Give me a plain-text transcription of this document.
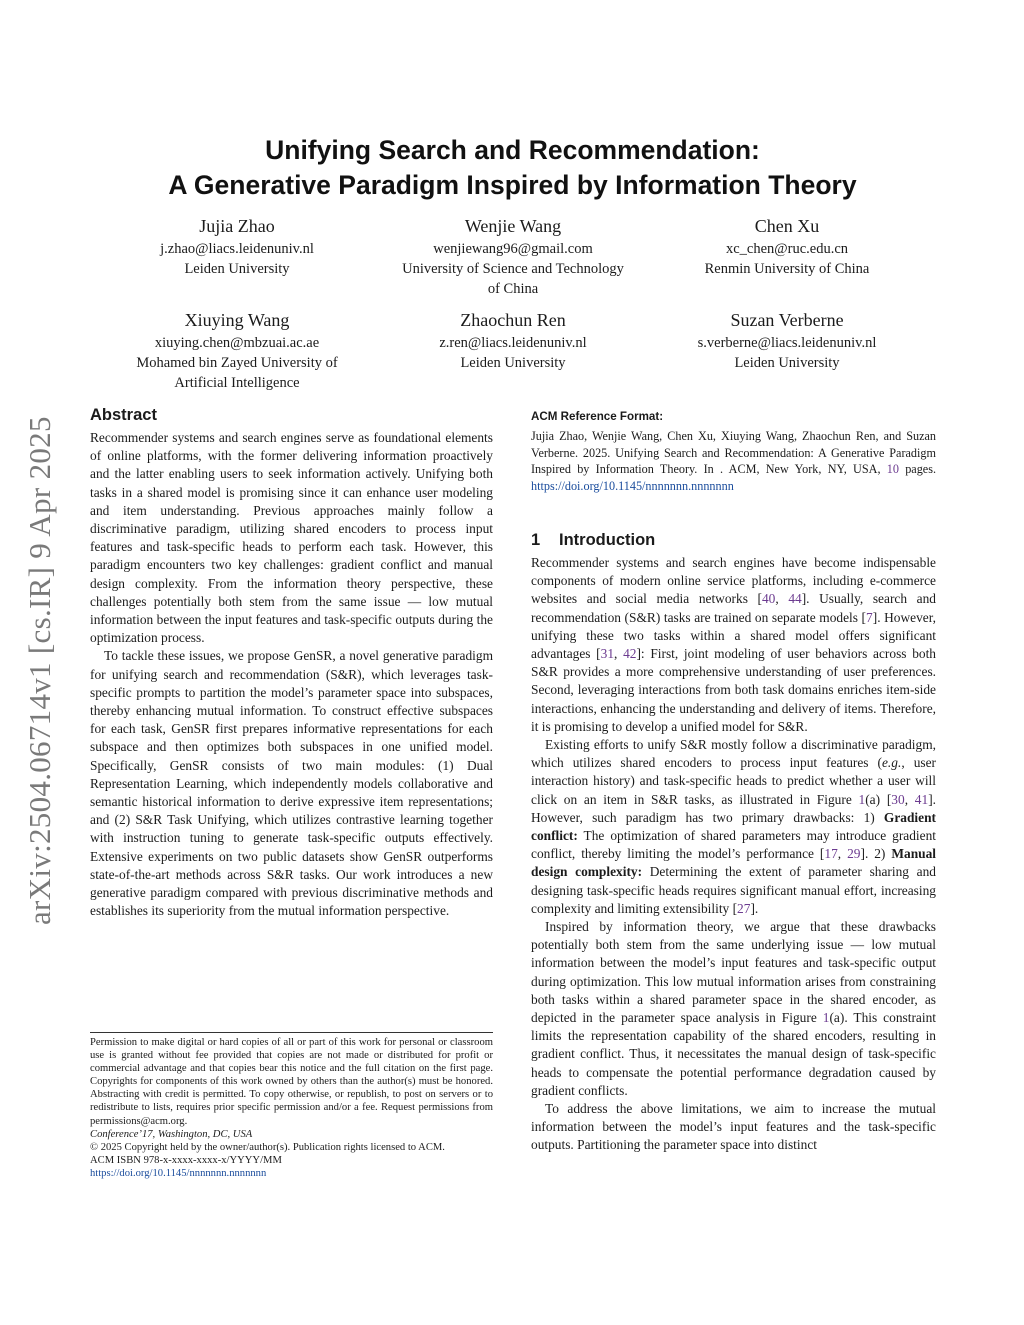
arXiv:2504.06714v1 [cs.IR] 9 Apr 2025
Unifying Search and Recommendation:
A Generative Paradigm Inspired by Information Theory
Jujia Zhao
j.zhao@liacs.leidenuniv.nl
Leiden University
Wenjie Wang
wenjiewang96@gmail.com
University of Science and Technology
of China
Chen Xu
xc_chen@ruc.edu.cn
Renmin University of China
Xiuying Wang
xiuying.chen@mbzuai.ac.ae
Mohamed bin Zayed University of
Artificial Intelligence
Zhaochun Ren
z.ren@liacs.leidenuniv.nl
Leiden University
Suzan Verberne
s.verberne@liacs.leidenuniv.nl
Leiden University
Abstract

Recommender systems and search engines serve as foundational elements of online platforms, with the former delivering information proactively and the latter enabling users to seek information actively. Unifying both tasks in a shared model is promising since it can enhance user modeling and item understanding. Previous approaches mainly follow a discriminative paradigm, utilizing shared encoders to process input features and task-specific heads to perform each task. However, this paradigm encounters two key challenges: gradient conflict and manual design complexity. From the information theory perspective, these challenges potentially both stem from the same issue — low mutual information between the input features and task-specific outputs during the optimization process.

To tackle these issues, we propose GenSR, a novel generative paradigm for unifying search and recommendation (S&R), which leverages task-specific prompts to partition the model’s parameter space into subspaces, thereby enhancing mutual information. To construct effective subspaces for each task, GenSR first prepares informative representations for each subspace and then optimizes both subspaces in one unified model. Specifically, GenSR consists of two main modules: (1) Dual Representation Learning, which independently models collaborative and semantic historical information to derive expressive item representations; and (2) S&R Task Unifying, which utilizes contrastive learning together with instruction tuning to generate task-specific outputs effectively. Extensive experiments on two public datasets show GenSR outperforms state-of-the-art methods across S&R tasks. Our work introduces a new generative paradigm compared with previous discriminative methods and establishes its superiority from the mutual information perspective.

Permission to make digital or hard copies of all or part of this work for personal or classroom use is granted without fee provided that copies are not made or distributed for profit or commercial advantage and that copies bear this notice and the full citation on the first page. Copyrights for components of this work owned by others than the author(s) must be honored. Abstracting with credit is permitted. To copy otherwise, or republish, to post on servers or to redistribute to lists, requires prior specific permission and/or a fee. Request permissions from permissions@acm.org.

Conference’17, Washington, DC, USA

© 2025 Copyright held by the owner/author(s). Publication rights licensed to ACM.

ACM ISBN 978-x-xxxx-xxxx-x/YYYY/MM

https://doi.org/10.1145/nnnnnnn.nnnnnnn

ACM Reference Format:
Jujia Zhao, Wenjie Wang, Chen Xu, Xiuying Wang, Zhaochun Ren, and Suzan Verberne. 2025. Unifying Search and Recommendation: A Generative Paradigm Inspired by Information Theory. In . ACM, New York, NY, USA, 10 pages. https://doi.org/10.1145/nnnnnnn.nnnnnnn
1 Introduction

Recommender systems and search engines have become indispensable components of modern online service platforms, including e-commerce websites and social media networks [40, 44]. Usually, search and recommendation (S&R) tasks are trained on separate models [7]. However, unifying these two tasks within a shared model offers significant advantages [31, 42]: First, joint modeling of user behaviors across both S&R provides a more comprehensive understanding of user preferences. Second, leveraging interactions from both task domains enriches item-side interactions, enhancing the understanding and delivery of items. Therefore, it is promising to develop a unified model for S&R.

Existing efforts to unify S&R mostly follow a discriminative paradigm, which utilizes shared encoders to process input features (e.g., user interaction history) and task-specific heads to predict whether a user will click on an item in S&R tasks, as illustrated in Figure 1(a) [30, 41]. However, such paradigm has two primary drawbacks: 1) Gradient conflict: The optimization of shared parameters may introduce gradient conflict, thereby limiting the model’s performance [17, 29]. 2) Manual design complexity: Determining the extent of parameter sharing and designing task-specific heads requires significant manual effort, increasing complexity and limiting extensibility [27].

Inspired by information theory, we argue that these drawbacks potentially both stem from the same underlying issue — low mutual information between the model’s input features and task-specific output during optimization. This low mutual information arises from constraining both tasks within a shared parameter space in the shared encoder, as depicted in the parameter space analysis in Figure 1(a). This constraint limits the representation capability of the shared encoders, resulting in gradient conflict. Thus, it necessitates the manual design of task-specific heads to compensate the potential performance degradation caused by gradient conflicts.

To address the above limitations, we aim to increase the mutual information between the model’s input features and the task-specific outputs. Partitioning the parameter space into distinct
